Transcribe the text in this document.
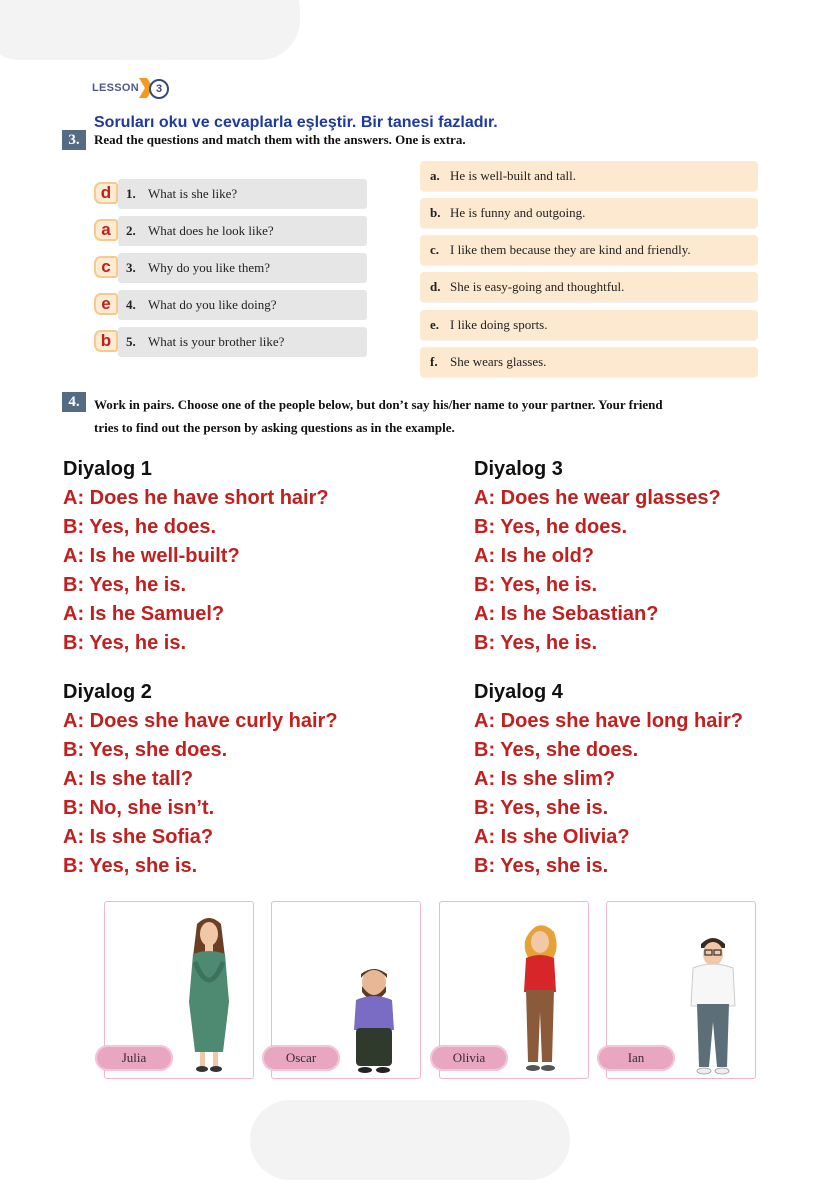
LESSON	3
3.
Soruları oku ve cevaplarla eşleştir. Bir tanesi fazladır.
Read the questions and match them with the answers. One is extra.
1. What is she like?
d
2. What does he look like?
a
3. Why do you like them?
c
4. What do you like doing?
e
5. What is your brother like?
b
a. He is well-built and tall.
b. He is funny and outgoing.
c. I like them because they are kind and friendly.
d. She is easy-going and thoughtful.
e. I like doing sports.
f. She wears glasses.
4.	Work in pairs. Choose one of the people below, but don’t say his/her name to your partner. Your friend
tries to find out the person by asking questions as in the example.
Diyalog 1
A: Does he have short hair?
B: Yes, he does.
A: Is he well-built?
B: Yes, he is.
A: Is he Samuel?
B: Yes, he is.
Diyalog 2
A: Does she have curly hair?
B: Yes, she does.
A: Is she tall?
B: No, she isn’t.
A: Is she Sofia?
B: Yes, she is.
Diyalog 3
A: Does he wear glasses?
B: Yes, he does.
A: Is he old?
B: Yes, he is.
A: Is he Sebastian?
B: Yes, he is.
Diyalog 4
A: Does she have long hair?
B: Yes, she does.
A: Is she slim?
B: Yes, she is.
A: Is she Olivia?
B: Yes, she is.
Julia	Oscar	Olivia	Ian
